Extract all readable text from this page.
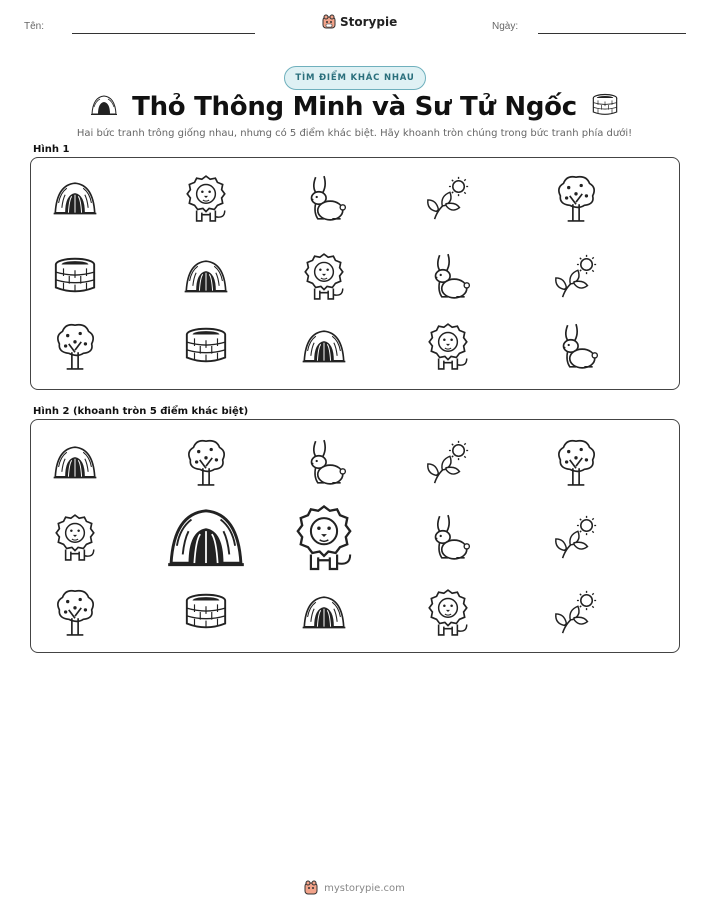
Tên:	Storypie	Ngày:
TÌM ĐIỂM KHÁC NHAU
Thỏ Thông Minh và Sư Tử Ngốc
Hai bức tranh trông giống nhau, nhưng có 5 điểm khác biệt. Hãy khoanh tròn chúng trong bức tranh phía dưới!
Hình 1
Hình 2 (khoanh tròn 5 điểm khác biệt)
mystorypie.com
